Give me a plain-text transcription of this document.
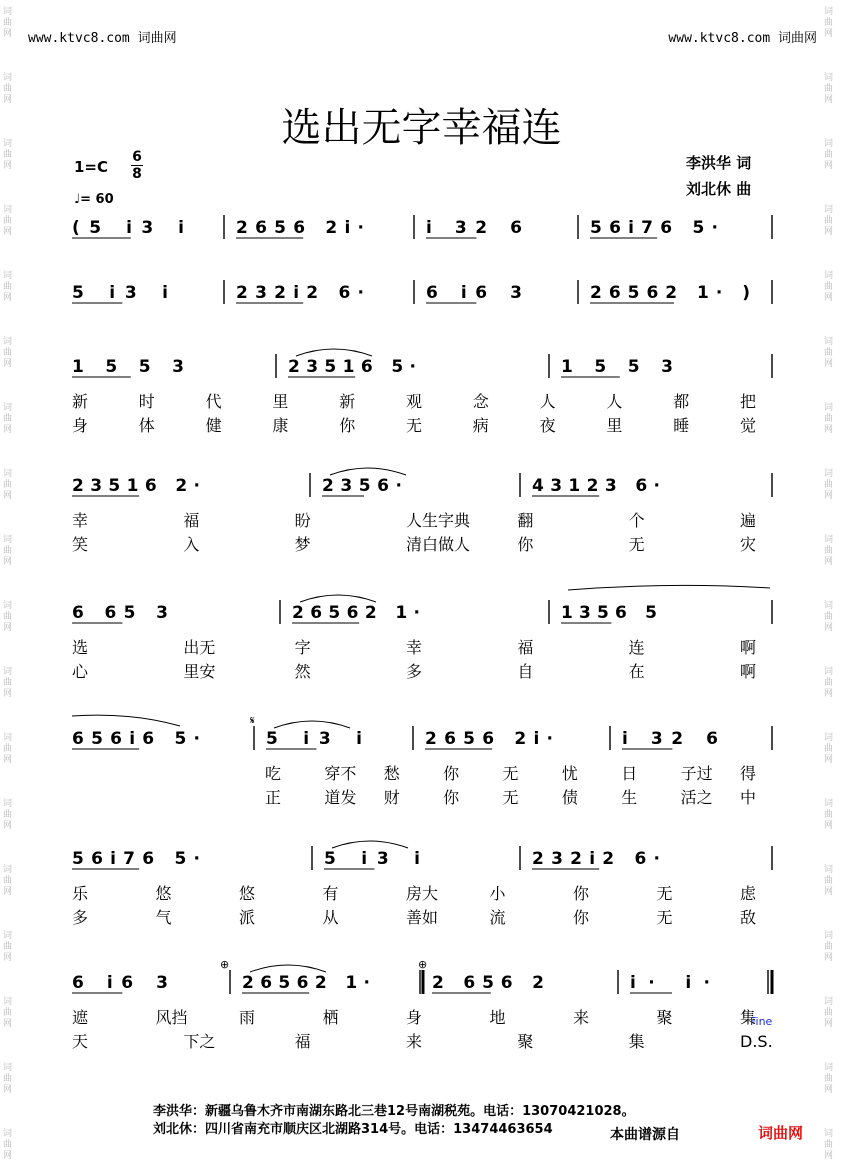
词
曲
网
词
曲
网
词
曲
网
词
曲
网
词
曲
网
词
曲
网
词
曲
网
词
曲
网
词
曲
网
词
曲
网
词
曲
网
词
曲
网
词
曲
网
词
曲
网
词
曲
网
词
曲
网
词
曲
网
词
曲
网
词
曲
网
词
曲
网
词
曲
网
词
曲
网
词
曲
网
词
曲
网
词
曲
网
词
曲
网
词
曲
网
词
曲
网
词
曲
网
词
曲
网
词
曲
网
词
曲
网
词
曲
网
词
曲
网
词
曲
网
词
曲
网
www.ktvc8.com 词曲网	www.ktvc8.com 词曲网
选出无字幸福连
1=C
6
8
♩= 60
李洪华 词
刘北休 曲
(5 i3 i	2656 2i·	i 32 6	56i76 5·
5 i3 i	232i2 6·	6 i6 3	26562 1· )
1 5 5 3	23516 5·	1 5 5 3
新	时	代	里	新	观	念	人	人	都	把
身	体	健	康	你	无	病	夜	里	睡	觉
23516 2·	2356·	43123 6·
幸	福	盼	人生字典	翻	个	遍
笑	入	梦	清白做人	你	无	灾
6 65 3	26562 1·	1356 5
选	出无	字	幸	福	连	啊
心	里安	然	多	自	在	啊
656i6 5·	5 i3 i	2656 2i·	i 32 6
吃	穿不 愁	你	无	忧	日	子过 得
正	道发 财	你	无	债	生	活之 中
56i76 5·	5 i3 i	232i2 6·
乐	悠	悠	有	房大	小	你	无	虑
多	气	派	从	善如	流	你	无	敌
6 i6 3	26562 1·	2 656 2	i· i·
遮	风挡	雨	栖	身	地	来	聚	集
天	下之	福	来	聚	集	D.S.
𝄋
⊕	⊕
Fine
李洪华：新疆乌鲁木齐市南湖东路北三巷12号南湖税苑。电话：13070421028。
刘北休：四川省南充市顺庆区北湖路314号。电话：13474463654	本曲谱源自	词曲网
